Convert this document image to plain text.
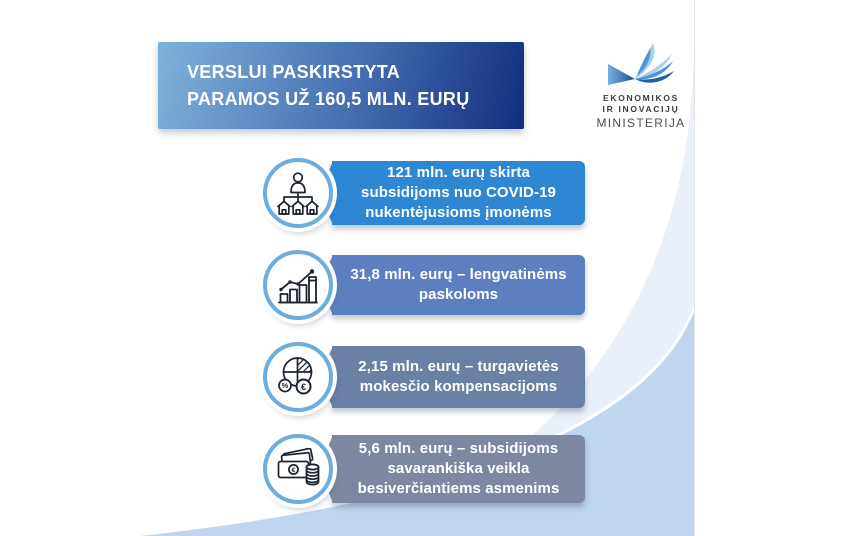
VERSLUI PASKIRSTYTA
PARAMOS UŽ 160,5 MLN. EURŲ	EKONOMIKOS
IR INOVACIJŲ
MINISTERIJA
121 mln. eurų skirta
subsidijoms nuo COVID-19
nukentėjusioms įmonėms
31,8 mln. eurų – lengvatinėms
paskoloms
% €
2,15 mln. eurų – turgavietės
mokesčio kompensacijoms
€
5,6 mln. eurų – subsidijoms
savarankiška veikla
besiverčiantiems asmenims
